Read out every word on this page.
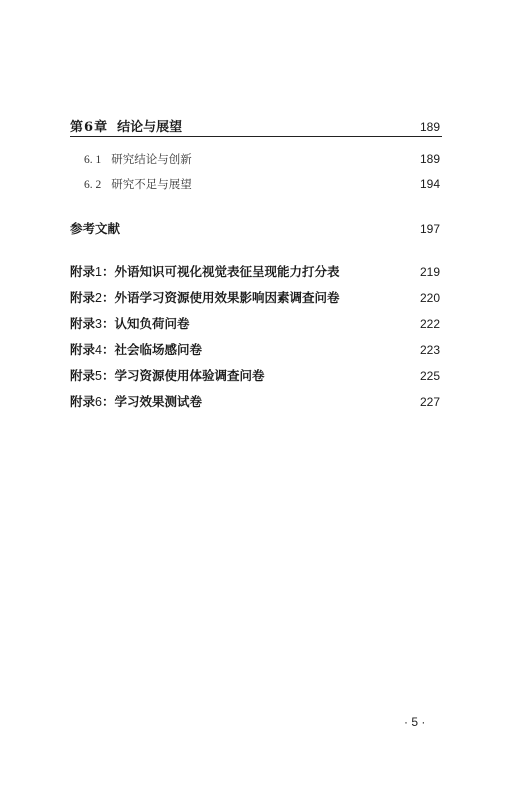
第6章 结论与展望	189
6. 1 研究结论与创新	189
6. 2 研究不足与展望	194
参考文献	197
附录1：外语知识可视化视觉表征呈现能力打分表	219
附录2：外语学习资源使用效果影响因素调查问卷	220
附录3：认知负荷问卷	222
附录4：社会临场感问卷	223
附录5：学习资源使用体验调查问卷	225
附录6：学习效果测试卷	227
· 5 ·
